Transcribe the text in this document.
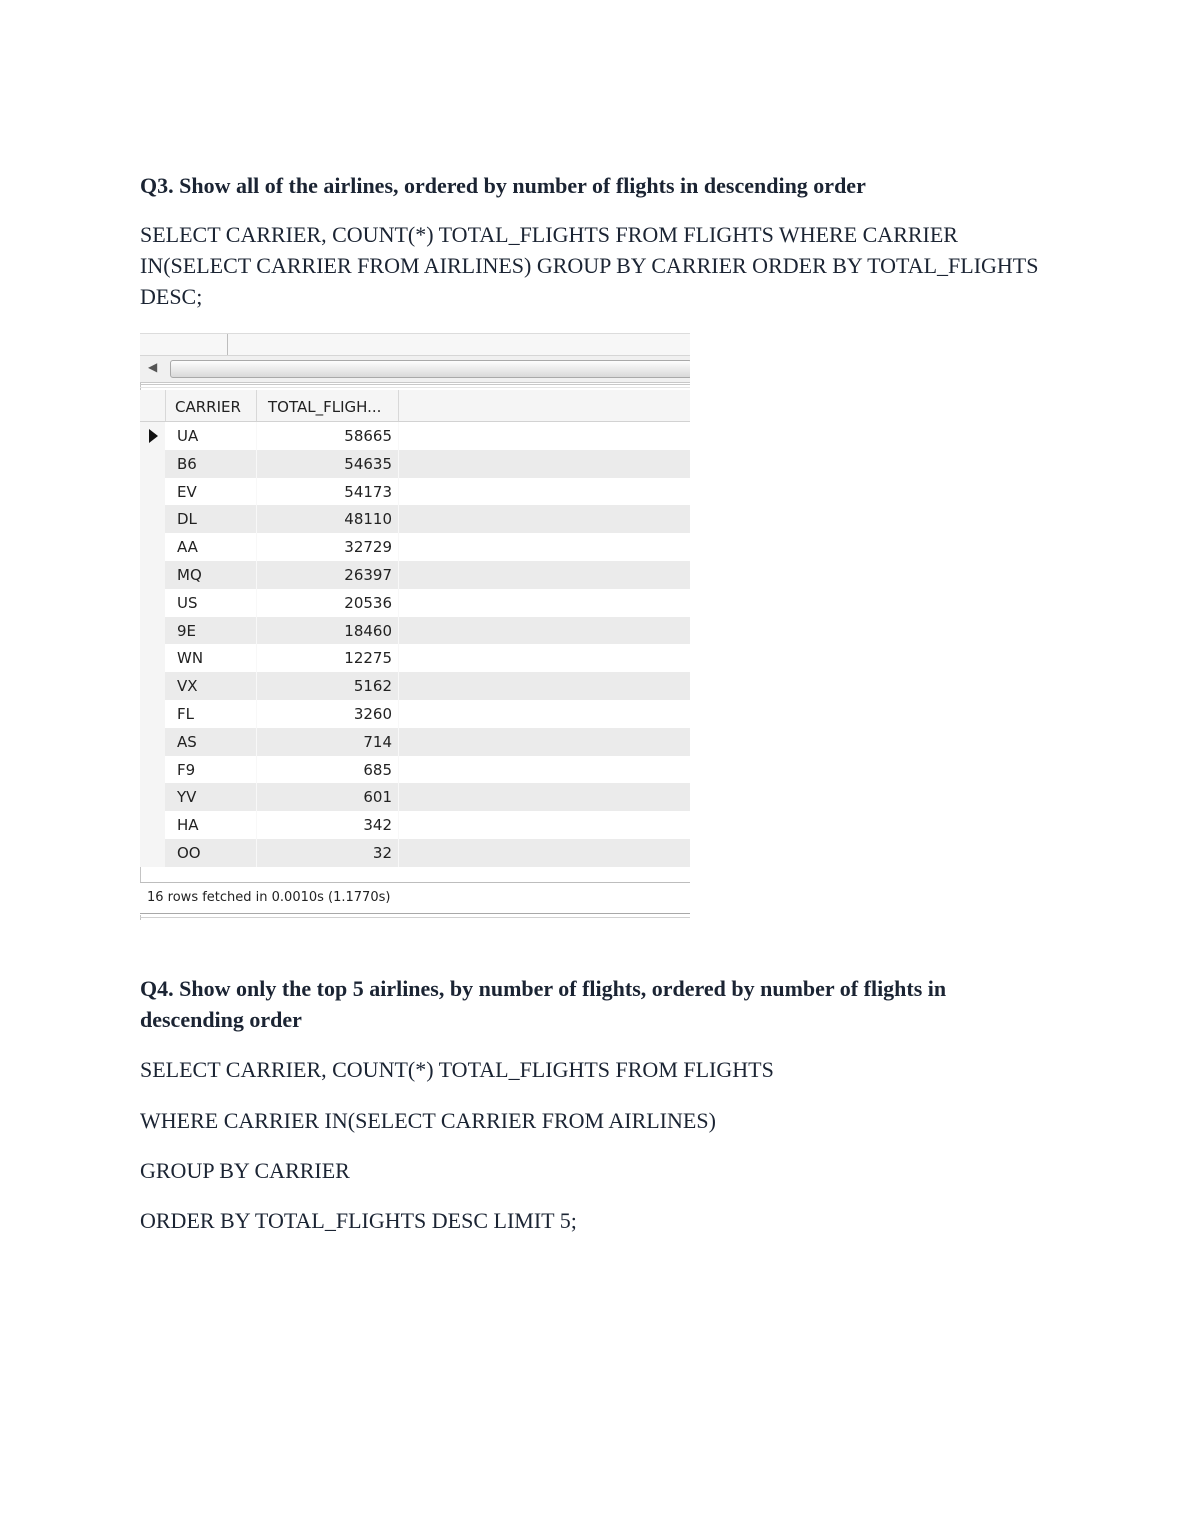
Q3. Show all of the airlines, ordered by number of flights in descending order

SELECT CARRIER, COUNT(*) TOTAL_FLIGHTS FROM FLIGHTS WHERE CARRIER IN(SELECT CARRIER FROM AIRLINES) GROUP BY CARRIER ORDER BY TOTAL_FLIGHTS DESC;

◀
CARRIER	TOTAL_FLIGH...
UA	58665
B6	54635
EV	54173
DL	48110
AA	32729
MQ	26397
US	20536
9E	18460
WN	12275
VX	5162
FL	3260
AS	714
F9	685
YV	601
HA	342
OO	32
16 rows fetched in 0.0010s (1.1770s)
Q4. Show only the top 5 airlines, by number of flights, ordered by number of flights in descending order

SELECT CARRIER, COUNT(*) TOTAL_FLIGHTS FROM FLIGHTS

WHERE CARRIER IN(SELECT CARRIER FROM AIRLINES)

GROUP BY CARRIER

ORDER BY TOTAL_FLIGHTS DESC LIMIT 5;
